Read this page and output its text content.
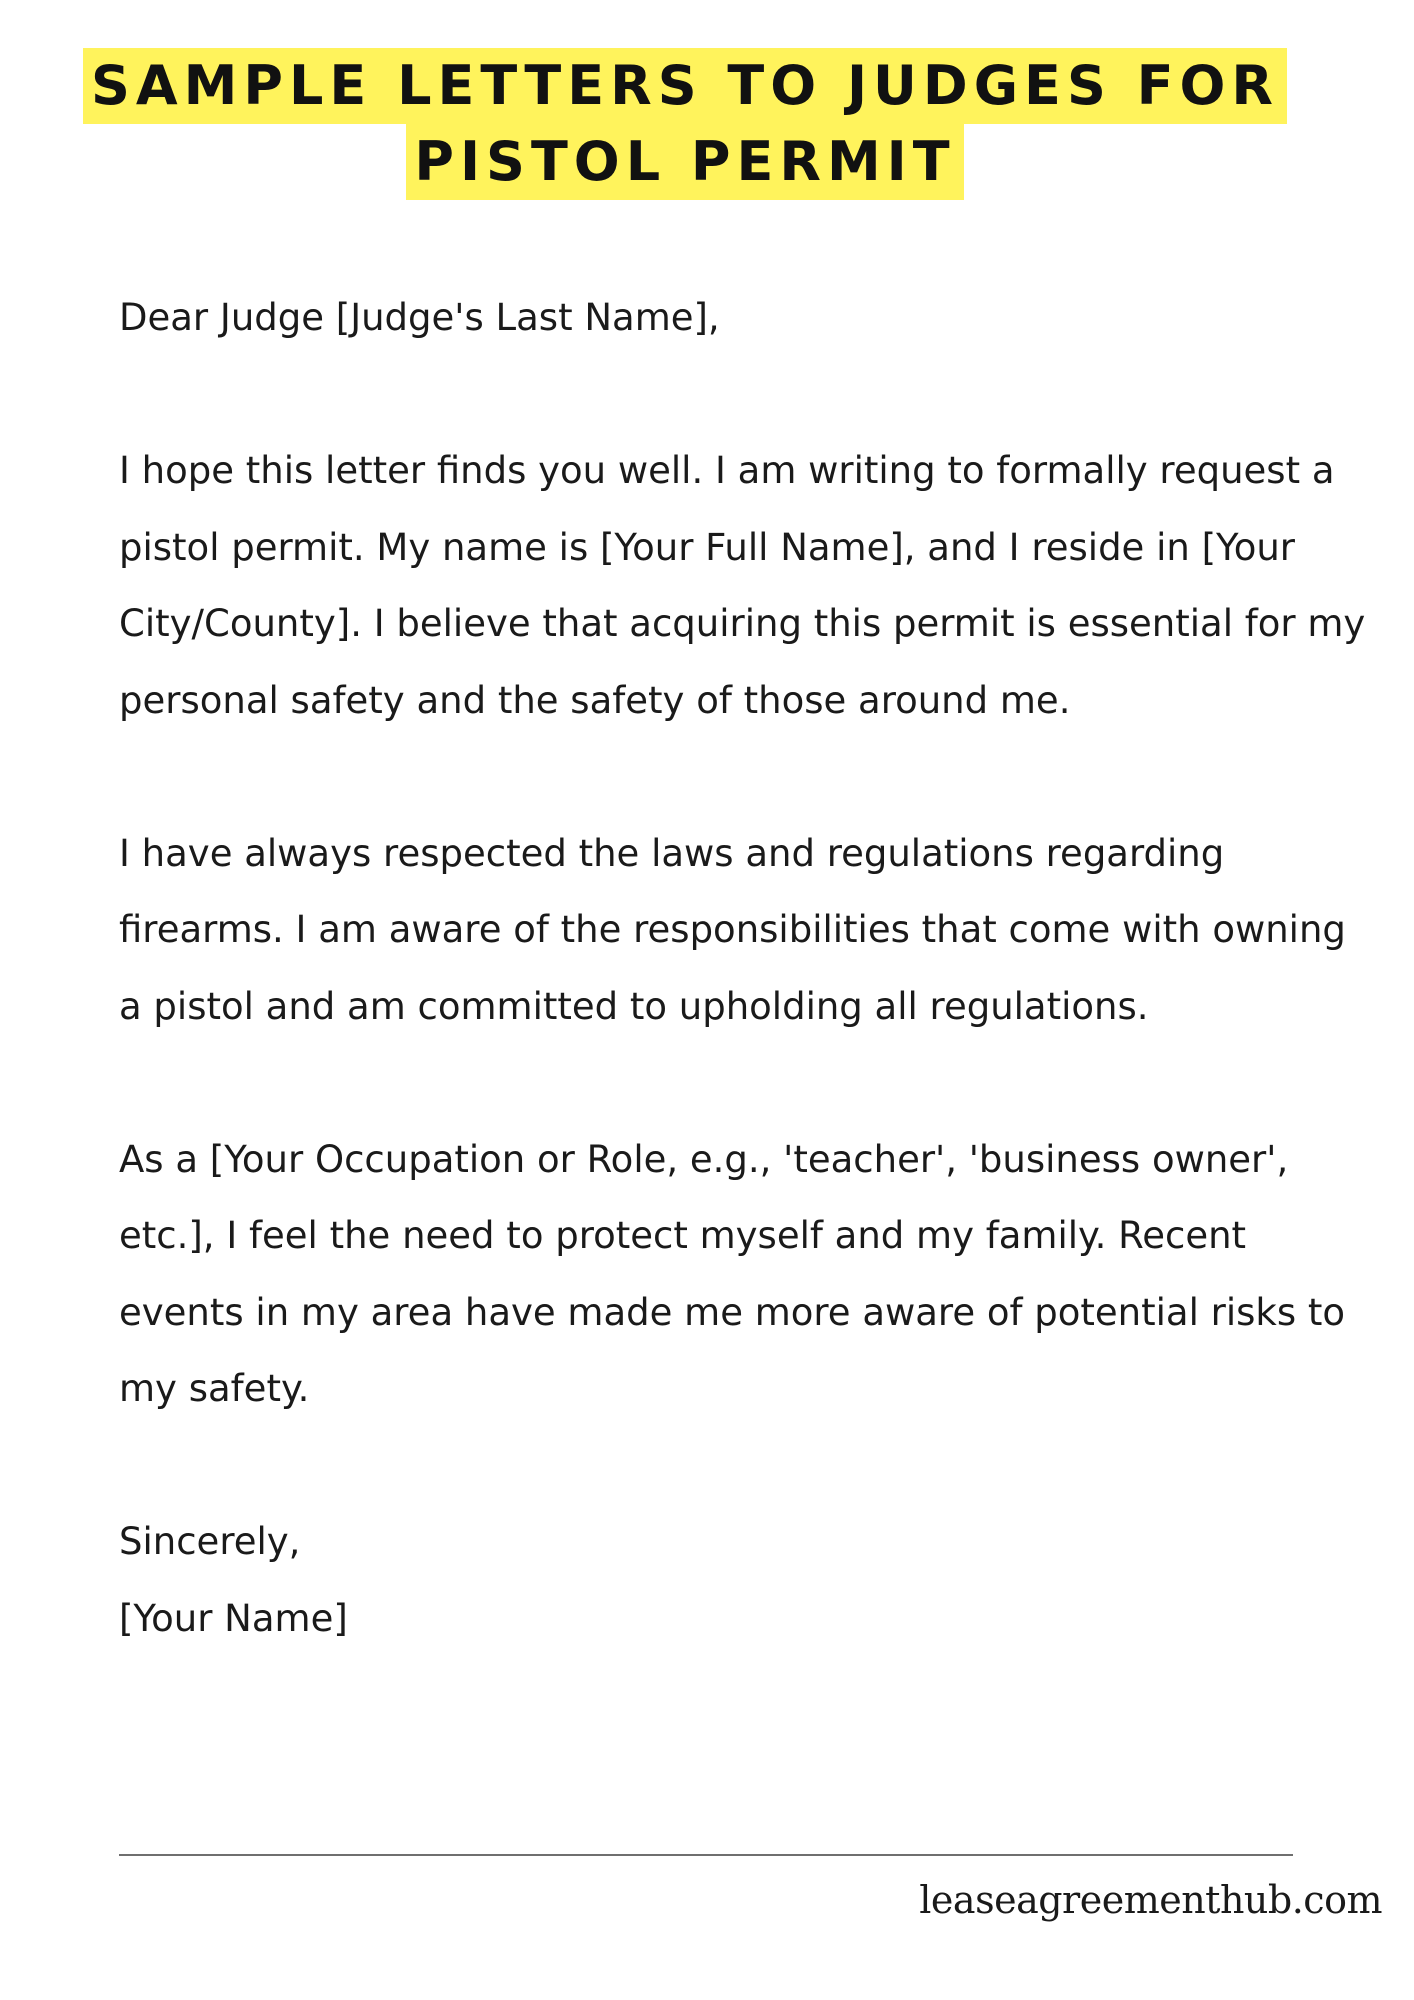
SAMPLE LETTERS TO JUDGES FOR
PISTOL PERMIT

Dear Judge [Judge's Last Name],

I hope this letter finds you well. I am writing to formally request a pistol permit. My name is [Your Full Name], and I reside in [Your City/County]. I believe that acquiring this permit is essential for my personal safety and the safety of those around me.

I have always respected the laws and regulations regarding firearms. I am aware of the responsibilities that come with owning a pistol and am committed to upholding all regulations.

As a [Your Occupation or Role, e.g., 'teacher', 'business owner', etc.], I feel the need to protect myself and my family. Recent events in my area have made me more aware of potential risks to my safety.

Sincerely,

[Your Name]

leaseagreementhub.com
